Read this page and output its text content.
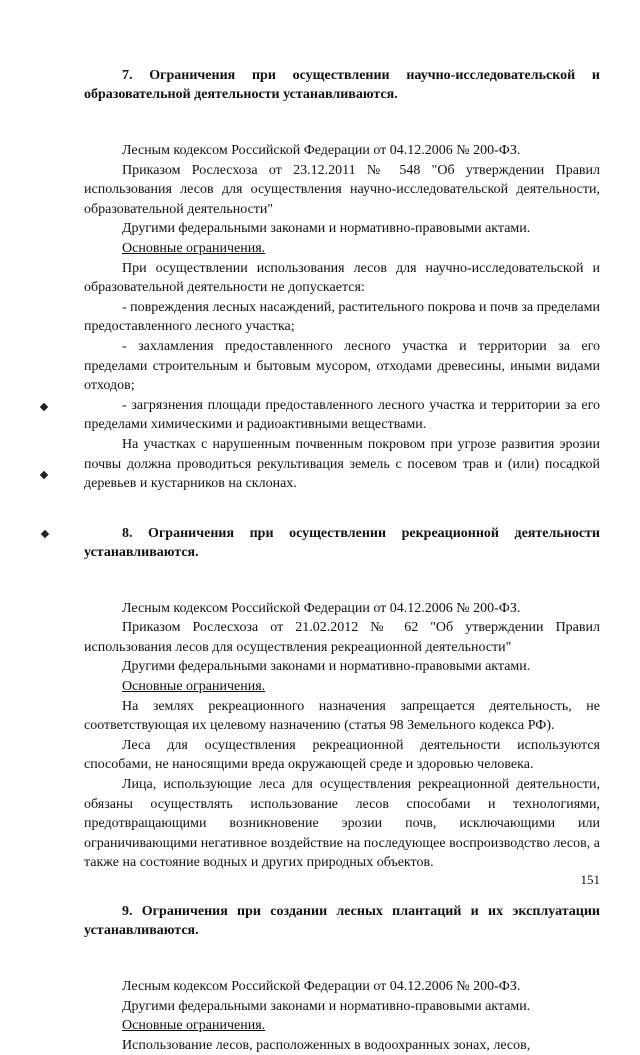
7. Ограничения при осуществлении научно-исследовательской и образовательной деятельности устанавливаются.

Лесным кодексом Российской Федерации от 04.12.2006 № 200-ФЗ.

Приказом Рослесхоза от 23.12.2011 № 548 "Об утверждении Правил использования лесов для осуществления научно-исследовательской деятельности, образовательной деятельности"

Другими федеральными законами и нормативно-правовыми актами.

Основные ограничения.

При осуществлении использования лесов для научно-исследовательской и образовательной деятельности не допускается:

- повреждения лесных насаждений, растительного покрова и почв за пределами предоставленного лесного участка;

- захламления предоставленного лесного участка и территории за его пределами строительным и бытовым мусором, отходами древесины, иными видами отходов;

- загрязнения площади предоставленного лесного участка и территории за его пределами химическими и радиоактивными веществами.

На участках с нарушенным почвенным покровом при угрозе развития эрозии почвы должна проводиться рекультивация земель с посевом трав и (или) посадкой деревьев и кустарников на склонах.

8. Ограничения при осуществлении рекреационной деятельности устанавливаются.

Лесным кодексом Российской Федерации от 04.12.2006 № 200-ФЗ.

Приказом Рослесхоза от 21.02.2012 № 62 "Об утверждении Правил использования лесов для осуществления рекреационной деятельности"

Другими федеральными законами и нормативно-правовыми актами.

Основные ограничения.

На землях рекреационного назначения запрещается деятельность, не соответствующая их целевому назначению (статья 98 Земельного кодекса РФ).

Леса для осуществления рекреационной деятельности используются способами, не наносящими вреда окружающей среде и здоровью человека.

Лица, использующие леса для осуществления рекреационной деятельности, обязаны осуществлять использование лесов способами и технологиями, предотвращающими возникновение эрозии почв, исключающими или ограничивающими негативное воздействие на последующее воспроизводство лесов, а также на состояние водных и других природных объектов.

9. Ограничения при создании лесных плантаций и их эксплуатации устанавливаются.

Лесным кодексом Российской Федерации от 04.12.2006 № 200-ФЗ.

Другими федеральными законами и нормативно-правовыми актами.

Основные ограничения.

Использование лесов, расположенных в водоохранных зонах, лесов,

151
